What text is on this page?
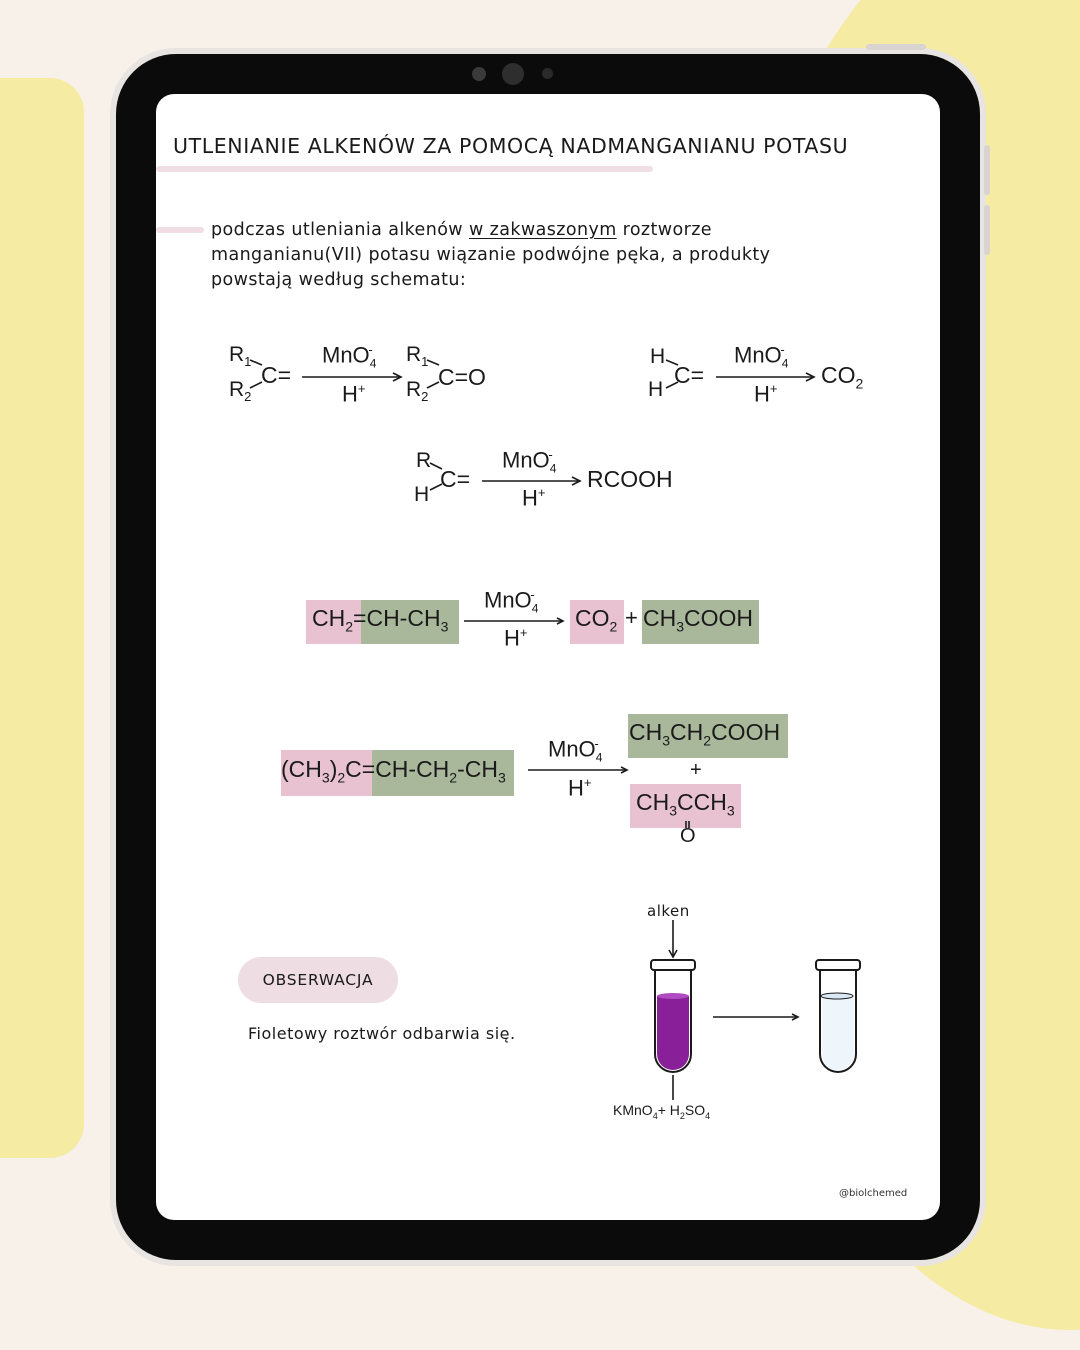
UTLENIANIE ALKENÓW ZA POMOCĄ NADMANGANIANU POTASU
podczas utleniania alkenów w zakwaszonym roztworze
manganianu(VII) potasu wiązanie podwójne pęka, a produkty
powstają według schematu:
$R_1$
$R_2$
C=
MnO$_4$-
H+
$R_1$
$R_2$
C=O
H
H
C=
MnO$_4$-
H+
$CO_2$
R
H
C=
MnO$_4$-
H+
RCOOH
$CH_2=CH-CH_3$
MnO$_4$-
H+
$CO_2$ + $CH_3COOH$
$(CH_3)_2C=CH-CH_2-CH_3$
MnO$_4$-
H+
$CH_3CH_2COOH$
+
$CH_3CCH_3$
O
OBSERWACJA
Fioletowy roztwór odbarwia się.
alken
KMnO$_4$+ $H_2SO_4$
@biolchemed
